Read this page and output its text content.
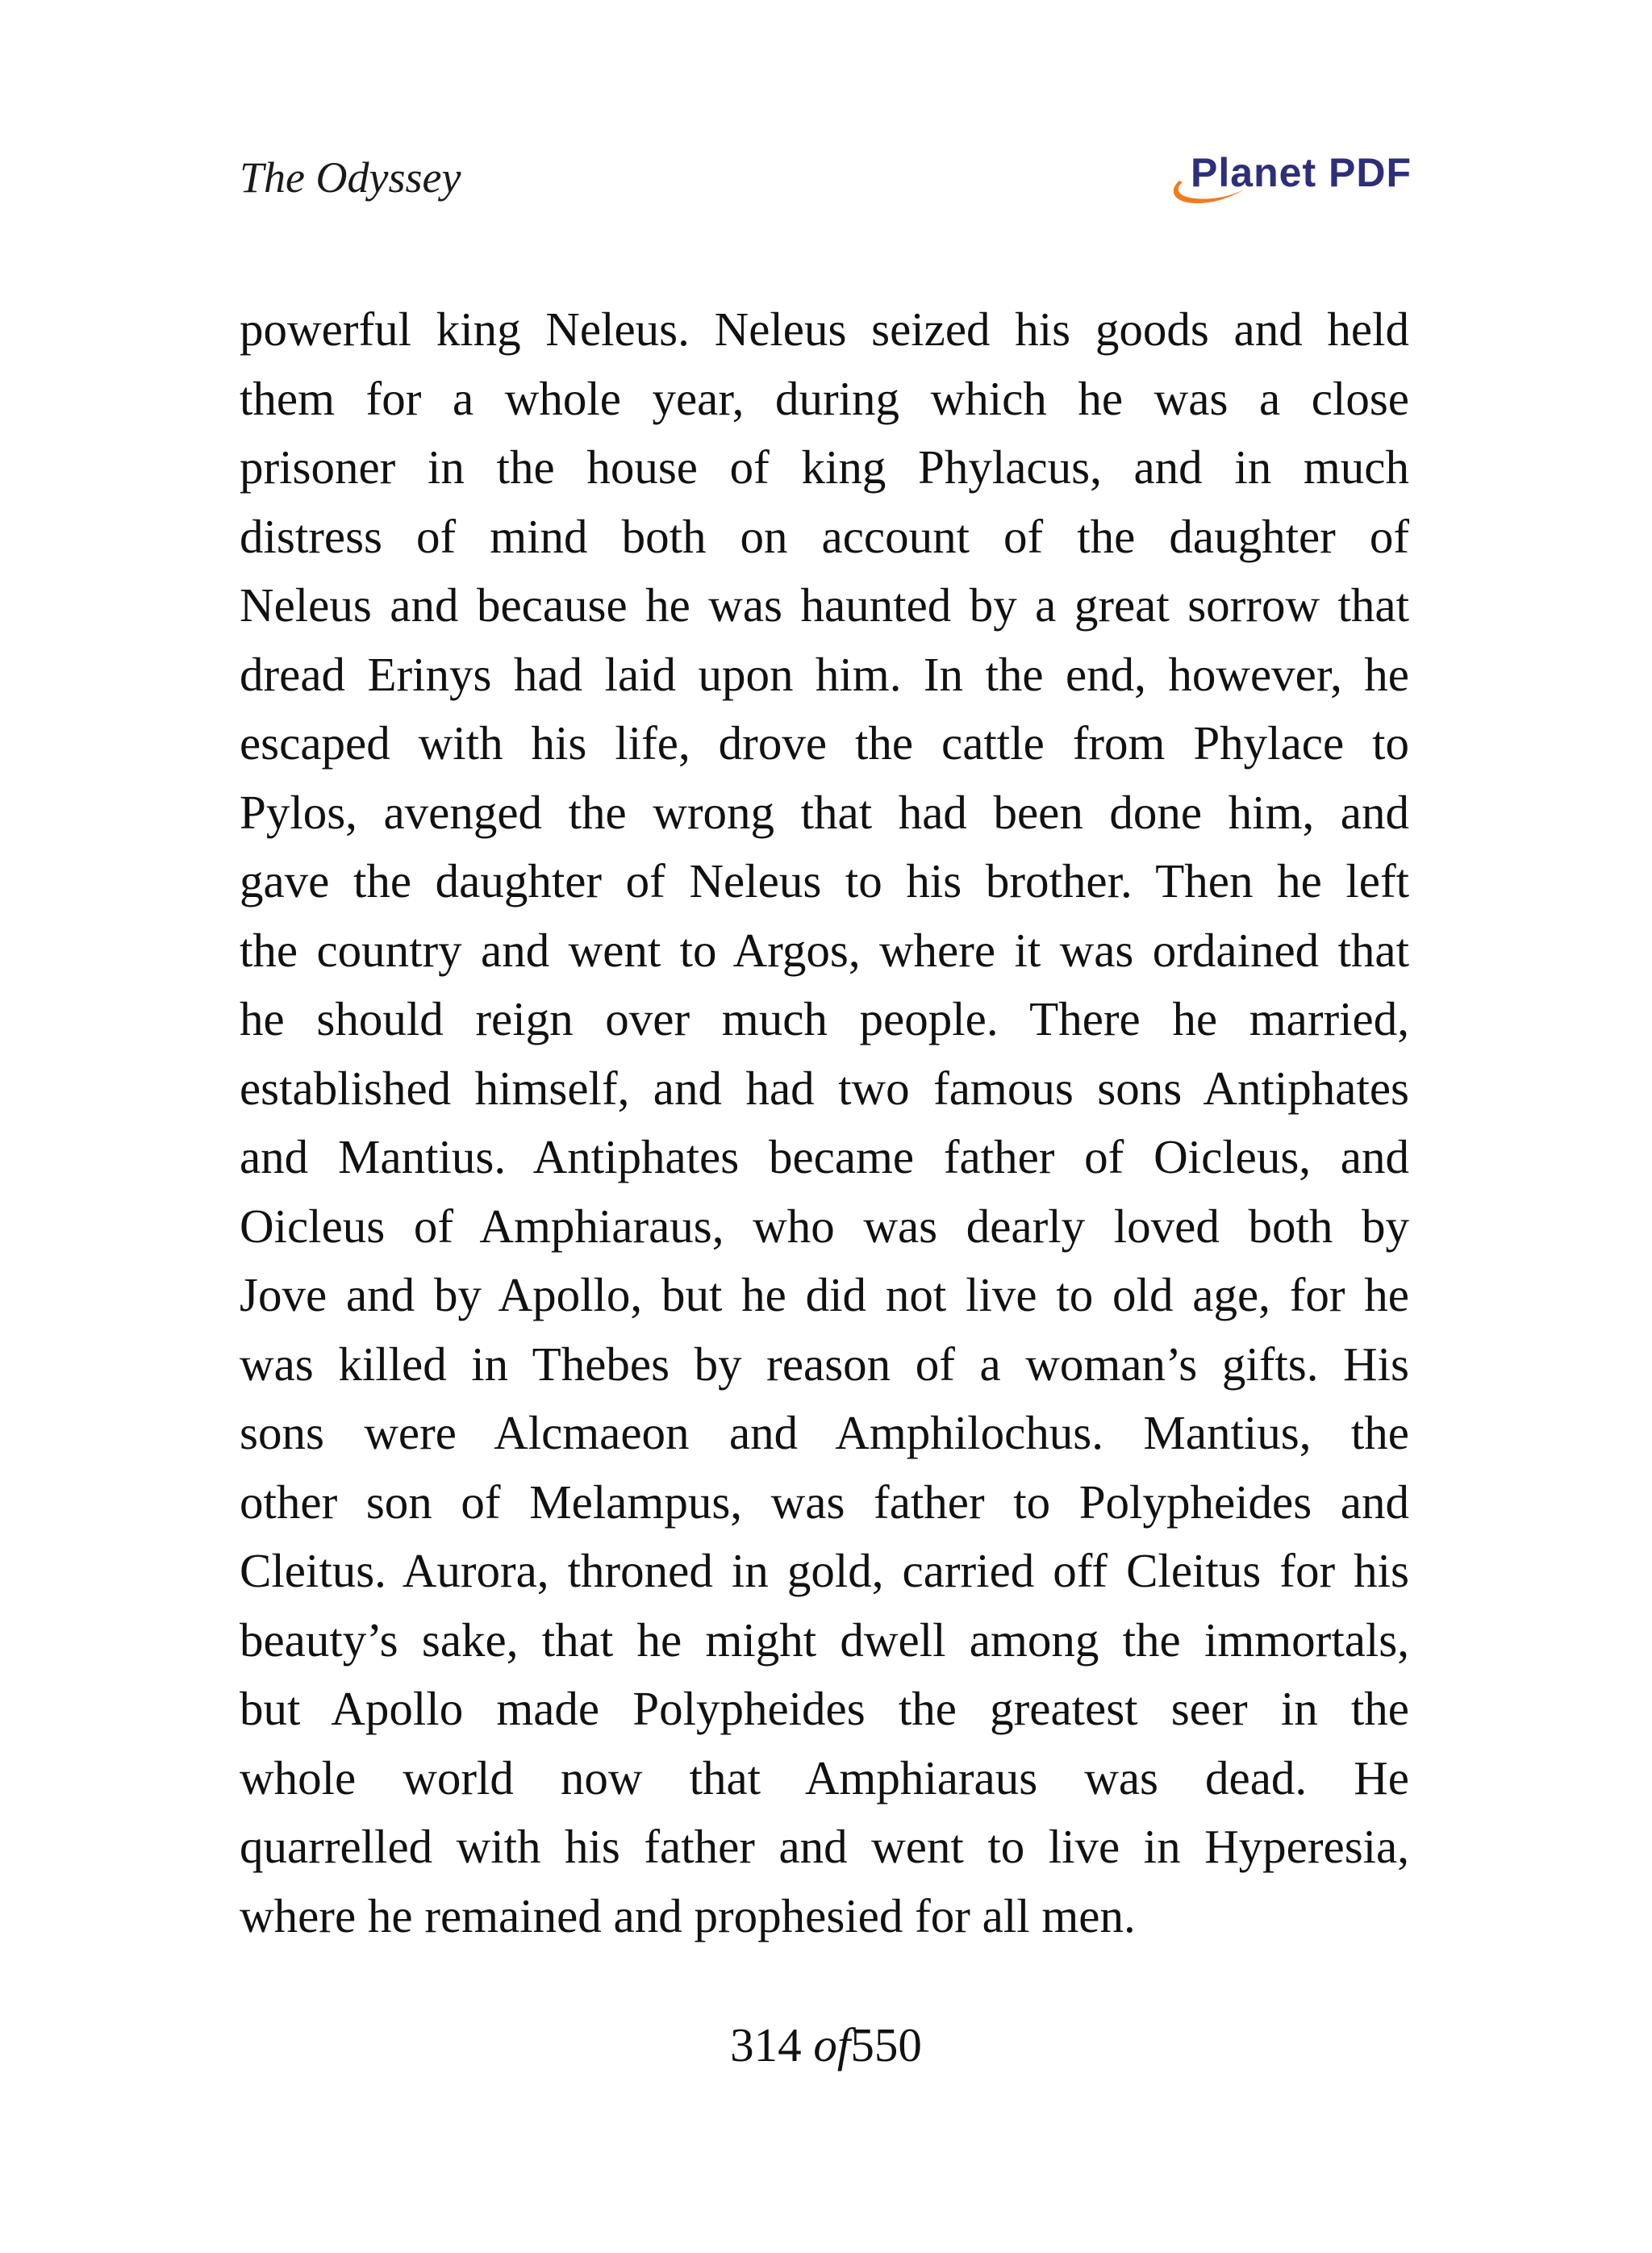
The Odyssey	Planet PDF
powerful king Neleus. Neleus seized his goods and held
them for a whole year, during which he was a close
prisoner in the house of king Phylacus, and in much
distress of mind both on account of the daughter of
Neleus and because he was haunted by a great sorrow that
dread Erinys had laid upon him. In the end, however, he
escaped with his life, drove the cattle from Phylace to
Pylos, avenged the wrong that had been done him, and
gave the daughter of Neleus to his brother. Then he left
the country and went to Argos, where it was ordained that
he should reign over much people. There he married,
established himself, and had two famous sons Antiphates
and Mantius. Antiphates became father of Oicleus, and
Oicleus of Amphiaraus, who was dearly loved both by
Jove and by Apollo, but he did not live to old age, for he
was killed in Thebes by reason of a woman’s gifts. His
sons were Alcmaeon and Amphilochus. Mantius, the
other son of Melampus, was father to Polypheides and
Cleitus. Aurora, throned in gold, carried off Cleitus for his
beauty’s sake, that he might dwell among the immortals,
but Apollo made Polypheides the greatest seer in the
whole world now that Amphiaraus was dead. He
quarrelled with his father and went to live in Hyperesia,
where he remained and prophesied for all men.
314 of550
